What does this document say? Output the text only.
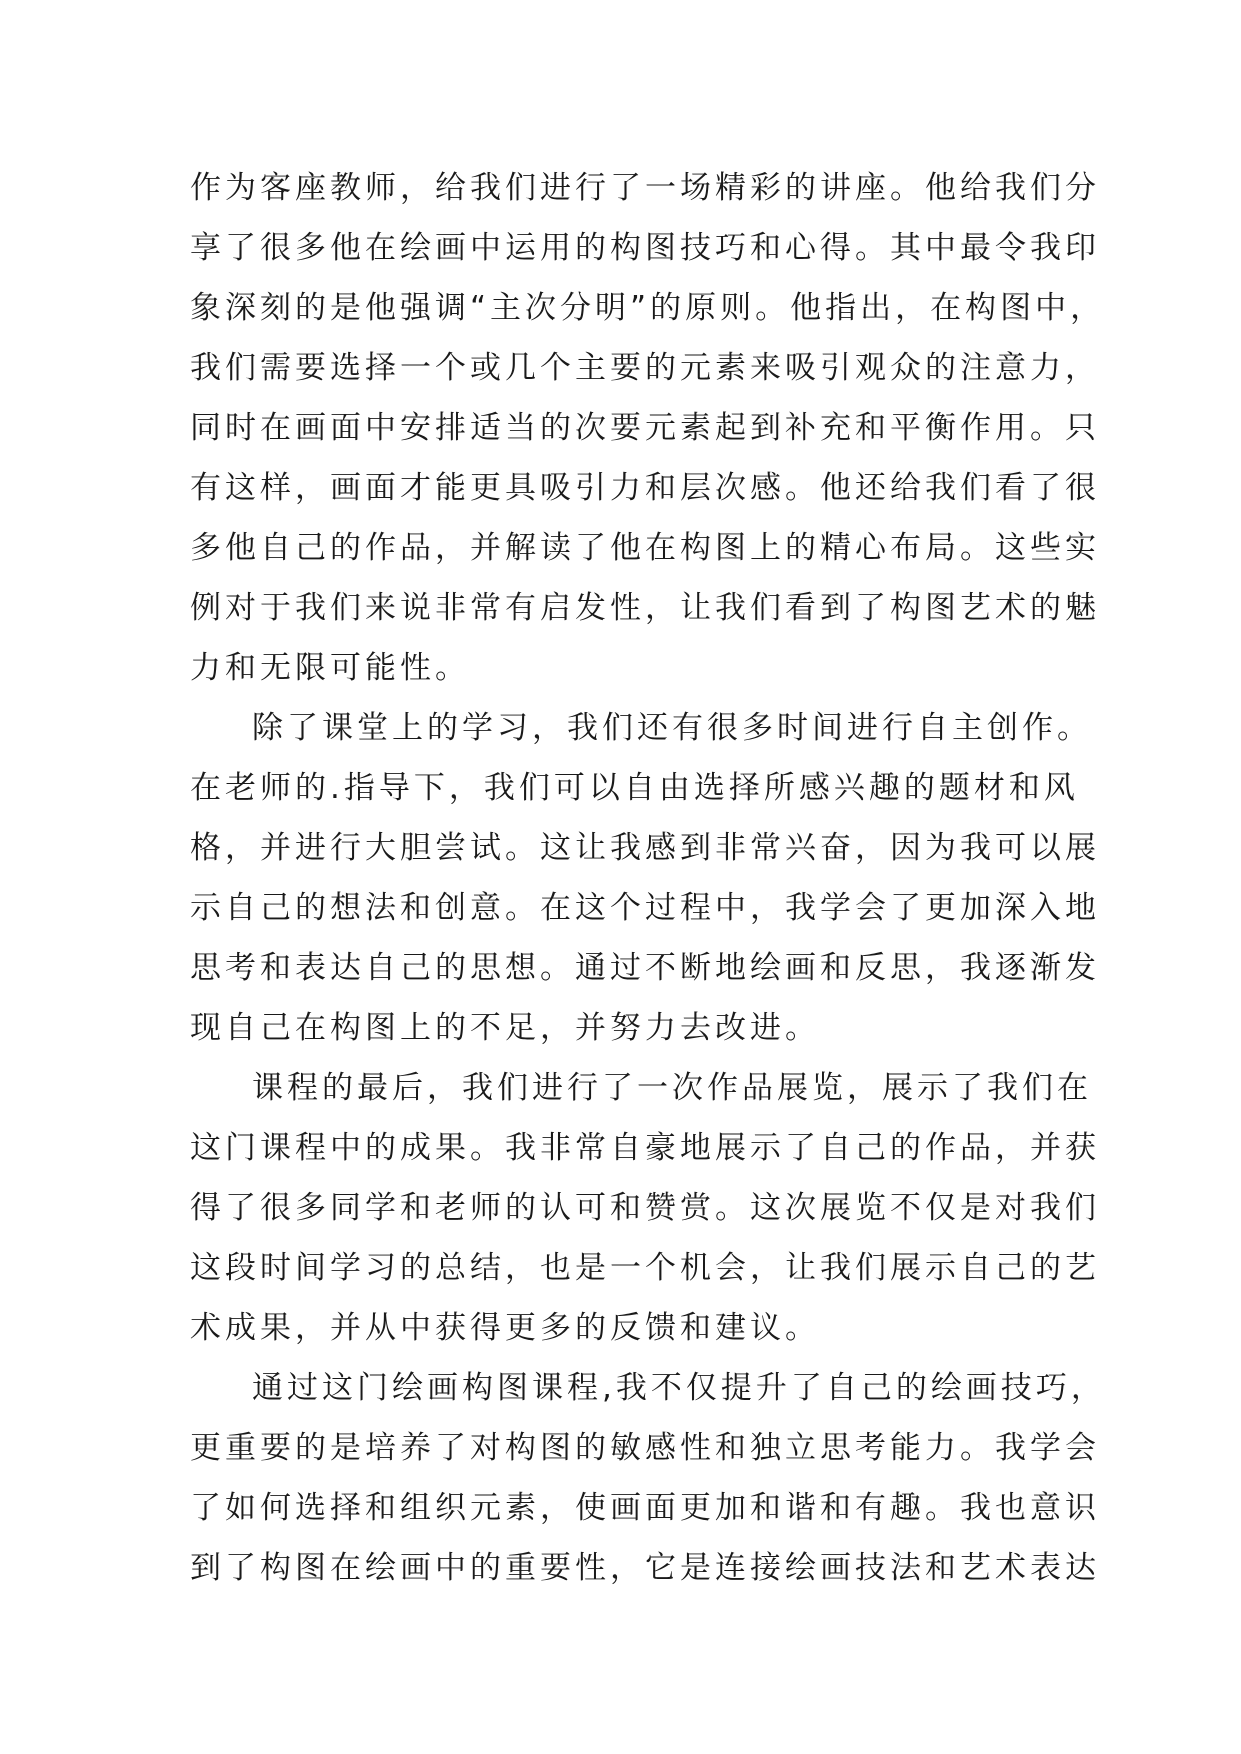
作为客座教师，给我们进行了一场精彩的讲座。他给我们分
享了很多他在绘画中运用的构图技巧和心得。其中最令我印
象深刻的是他强调“主次分明”的原则。他指出，在构图中，
我们需要选择一个或几个主要的元素来吸引观众的注意力，
同时在画面中安排适当的次要元素起到补充和平衡作用。只
有这样，画面才能更具吸引力和层次感。他还给我们看了很
多他自己的作品，并解读了他在构图上的精心布局。这些实
例对于我们来说非常有启发性，让我们看到了构图艺术的魅
力和无限可能性。
除了课堂上的学习，我们还有很多时间进行自主创作。
在老师的.指导下，我们可以自由选择所感兴趣的题材和风
格，并进行大胆尝试。这让我感到非常兴奋，因为我可以展
示自己的想法和创意。在这个过程中，我学会了更加深入地
思考和表达自己的思想。通过不断地绘画和反思，我逐渐发
现自己在构图上的不足，并努力去改进。
课程的最后，我们进行了一次作品展览，展示了我们在
这门课程中的成果。我非常自豪地展示了自己的作品，并获
得了很多同学和老师的认可和赞赏。这次展览不仅是对我们
这段时间学习的总结，也是一个机会，让我们展示自己的艺
术成果，并从中获得更多的反馈和建议。
通过这门绘画构图课程,我不仅提升了自己的绘画技巧，
更重要的是培养了对构图的敏感性和独立思考能力。我学会
了如何选择和组织元素，使画面更加和谐和有趣。我也意识
到了构图在绘画中的重要性，它是连接绘画技法和艺术表达
